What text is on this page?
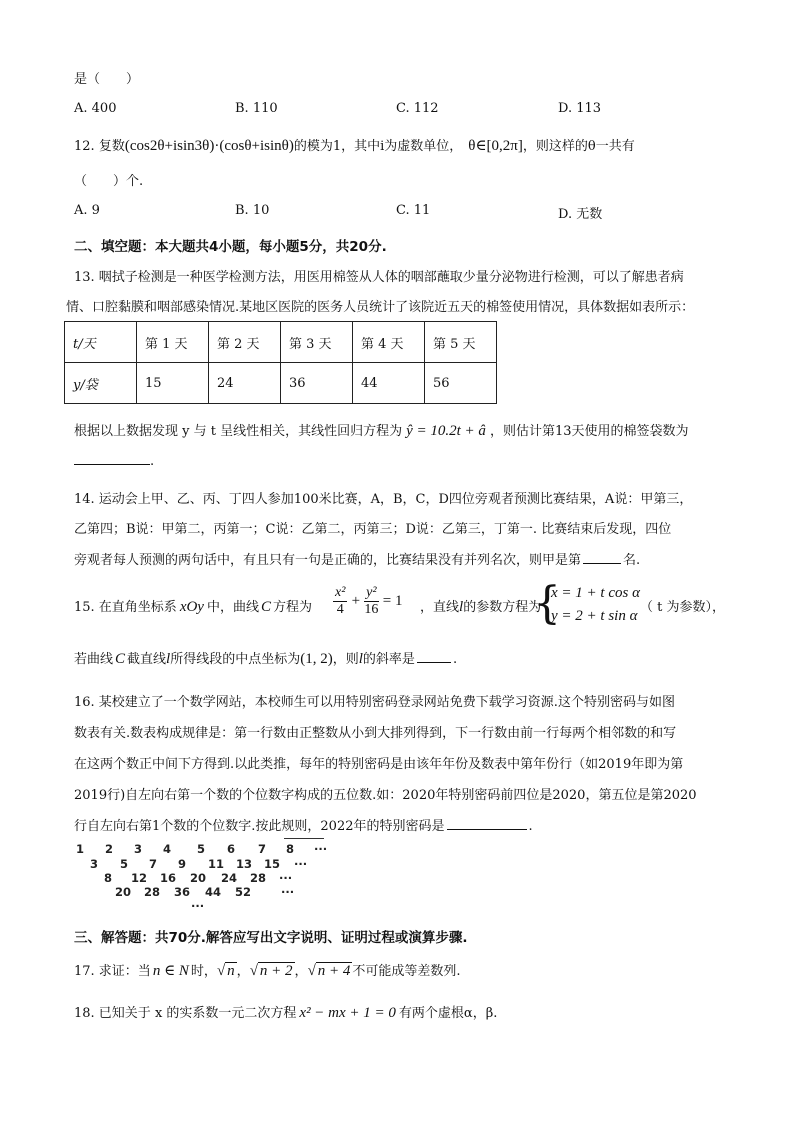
是（　　）
A. 400	B. 110	C. 112	D. 113
12. 复数(cos2θ+isin3θ)·(cosθ+isinθ)的模为1，其中i为虚数单位， θ∈[0,2π]，则这样的θ一共有
（　　）个.
A. 9	B. 10	C. 11	D. 无数
二、填空题：本大题共4小题，每小题5分，共20分.
13. 咽拭子检测是一种医学检测方法，用医用棉签从人体的咽部蘸取少量分泌物进行检测，可以了解患者病
情、口腔黏膜和咽部感染情况.某地区医院的医务人员统计了该院近五天的棉签使用情况，具体数据如表所示：
t/天	第 1 天	第 2 天	第 3 天	第 4 天	第 5 天
y/袋	15	24	36	44	56
根据以上数据发现 y 与 t 呈线性相关，其线性回归方程为 ŷ = 10.2t + â ，则估计第13天使用的棉签袋数为
.
14. 运动会上甲、乙、丙、丁四人参加100米比赛，A，B，C，D四位旁观者预测比赛结果，A说：甲第三，
乙第四；B说：甲第二，丙第一；C说：乙第二，丙第三；D说：乙第三，丁第一. 比赛结束后发现，四位
旁观者每人预测的两句话中，有且只有一句是正确的，比赛结果没有并列名次，则甲是第	名.
15. 在直角坐标系 xOy 中，曲线 C 方程为 $\frac{\text{x²}}{4} + \frac{\text{y²}}{16} = 1$ ，直线l的参数方程为
{
x = 1 + t cos α
y = 2 + t sin α
（ t 为参数），
若曲线 C 截直线l所得线段的中点坐标为(1, 2)，则l的斜率是	.
16. 某校建立了一个数学网站，本校师生可以用特别密码登录网站免费下载学习资源.这个特别密码与如图
数表有关.数表构成规律是：第一行数由正整数从小到大排列得到，下一行数由前一行每两个相邻数的和写
在这两个数正中间下方得到.以此类推，每年的特别密码是由该年年份及数表中第年份行（如2019年即为第
2019行)自左向右第一个数的个位数字构成的五位数.如：2020年特别密码前四位是2020，第五位是第2020
行自左向右第1个数的个位数字.按此规则，2022年的特别密码是	.
1 2 3 4 5 6 7 8 ···
3 5 7 9 11 13 15 ···
8 12 16 20 24 28 ···
20 28 36 44 52	···
···
三、解答题：共70分.解答应写出文字说明、证明过程或演算步骤.
17. 求证：当 n ∈ N 时，√ n ，√ n + 2 ，√ n + 4 不可能成等差数列.
18. 已知关于 x 的实系数一元二次方程 x² − mx + 1 = 0 有两个虚根α，β.
